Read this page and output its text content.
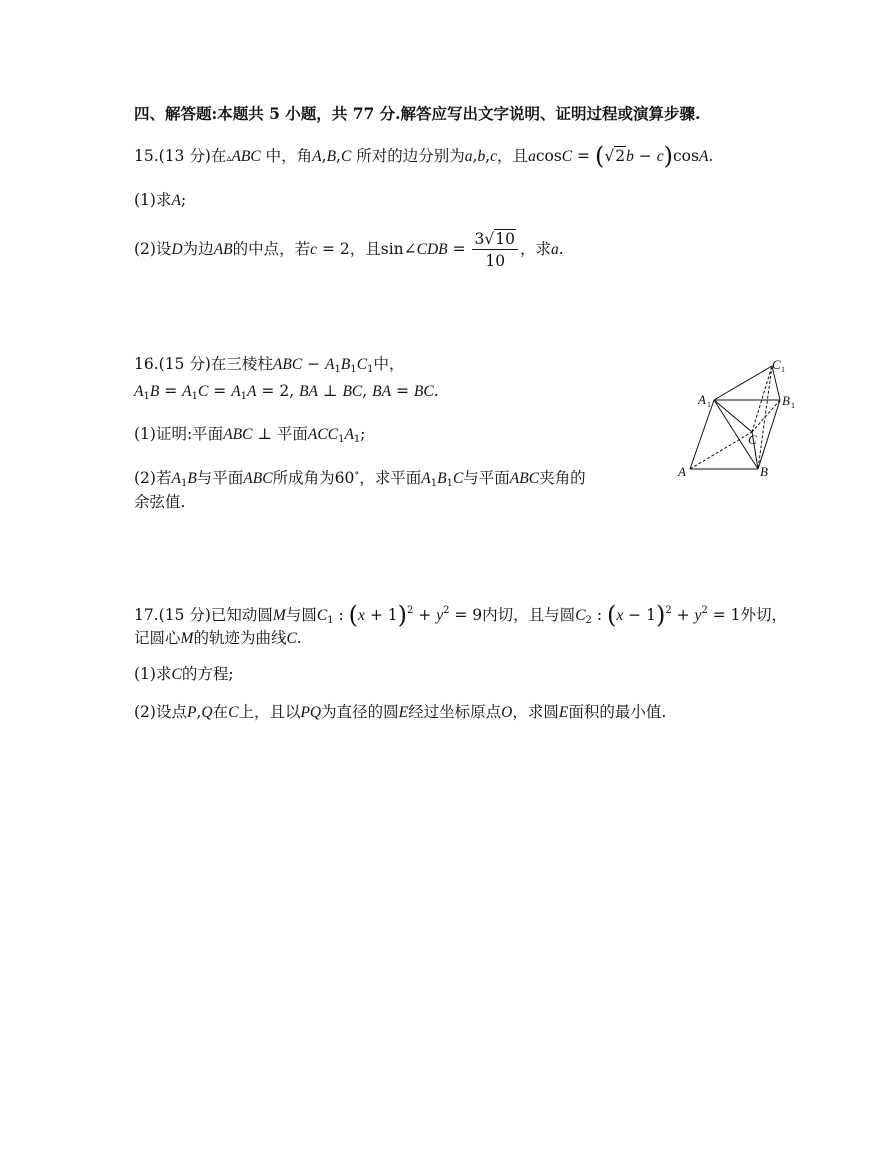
四、解答题:本题共 5 小题，共 77 分.解答应写出文字说明、证明过程或演算步骤.
15.(13 分)在▵ABC 中，角A,B,C 所对的边分别为a,b,c，且acosC = (√2b − c)cosA.
(1)求A;
(2)设D为边AB的中点，若c = 2，且sin∠CDB = $\frac{3√10}{10}$ ，求a.
16.(15 分)在三棱柱ABC − $A_1B_1C_1$中，
$A_1B = A_1C = A_1A = 2$, BA ⊥ BC, BA = BC.
(1)证明:平面ABC ⊥ 平面$ACC_1A_1$;
(2)若$A_1B$与平面ABC所成角为60∘，求平面$A_1B_1C$与平面ABC夹角的
余弦值.
A	B
C
A	B
C
1	1
1
17.(15 分)已知动圆M与圆$C_1$ : $(x + 1)^2 + y^2 = 9$内切，且与圆$C_2$ : $(x - 1)^2 + y^2 = 1$外切，
记圆心M的轨迹为曲线C.
(1)求C的方程;
(2)设点P,Q在C上，且以PQ为直径的圆E经过坐标原点O，求圆E面积的最小值.
